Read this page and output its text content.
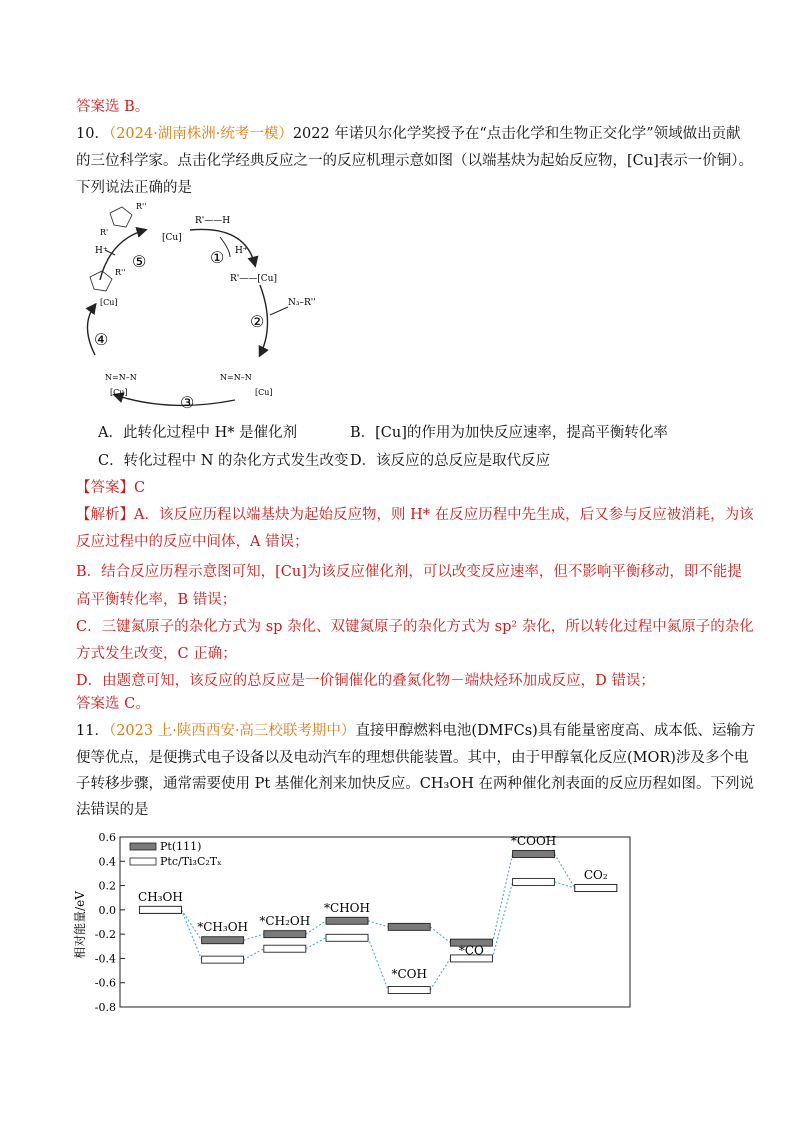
答案选 B。
10．（2024·湖南株洲·统考一模）2022 年诺贝尔化学奖授予在“点击化学和生物正交化学”领域做出贡献
的三位科学家。点击化学经典反应之一的反应机理示意如图（以端基炔为起始反应物，[Cu]表示一价铜）。
下列说法正确的是
①
②
③
④
⑤
[Cu]
R'——H
H⁺
R'——[Cu]
N₃–R''
H⁺
R''
R'
R''
[Cu]
N=N–N
[Cu]
N=N–N
[Cu]
A．此转化过程中 H* 是催化剂	B．[Cu]的作用为加快反应速率，提高平衡转化率
C．转化过程中 N 的杂化方式发生改变 D．该反应的总反应是取代反应
【答案】C
【解析】A．该反应历程以端基炔为起始反应物，则 H* 在反应历程中先生成，后又参与反应被消耗，为该
反应过程中的反应中间体，A 错误；
B．结合反应历程示意图可知，[Cu]为该反应催化剂，可以改变反应速率，但不影响平衡移动，即不能提
高平衡转化率，B 错误；
C．三键氮原子的杂化方式为 sp 杂化、双键氮原子的杂化方式为 sp² 杂化，所以转化过程中氮原子的杂化
方式发生改变，C 正确；
D．由题意可知，该反应的总反应是一价铜催化的叠氮化物－端炔烃环加成反应，D 错误；
答案选 C。
11．（2023 上·陕西西安·高三校联考期中）直接甲醇燃料电池(DMFCs)具有能量密度高、成本低、运输方
便等优点，是便携式电子设备以及电动汽车的理想供能装置。其中，由于甲醇氧化反应(MOR)涉及多个电
子转移步骤，通常需要使用 Pt 基催化剂来加快反应。CH₃OH 在两种催化剂表面的反应历程如图。下列说
法错误的是
0.6
0.4
0.2
0.0
-0.2
-0.4
-0.6
-0.8
相对能量/eV	CH₃OH
*CH₃OH *CH₂OH
*CHOH
*COH
*CO
*COOH
CO₂
Pt(111)
Ptc/Ti₃C₂Tₓ
